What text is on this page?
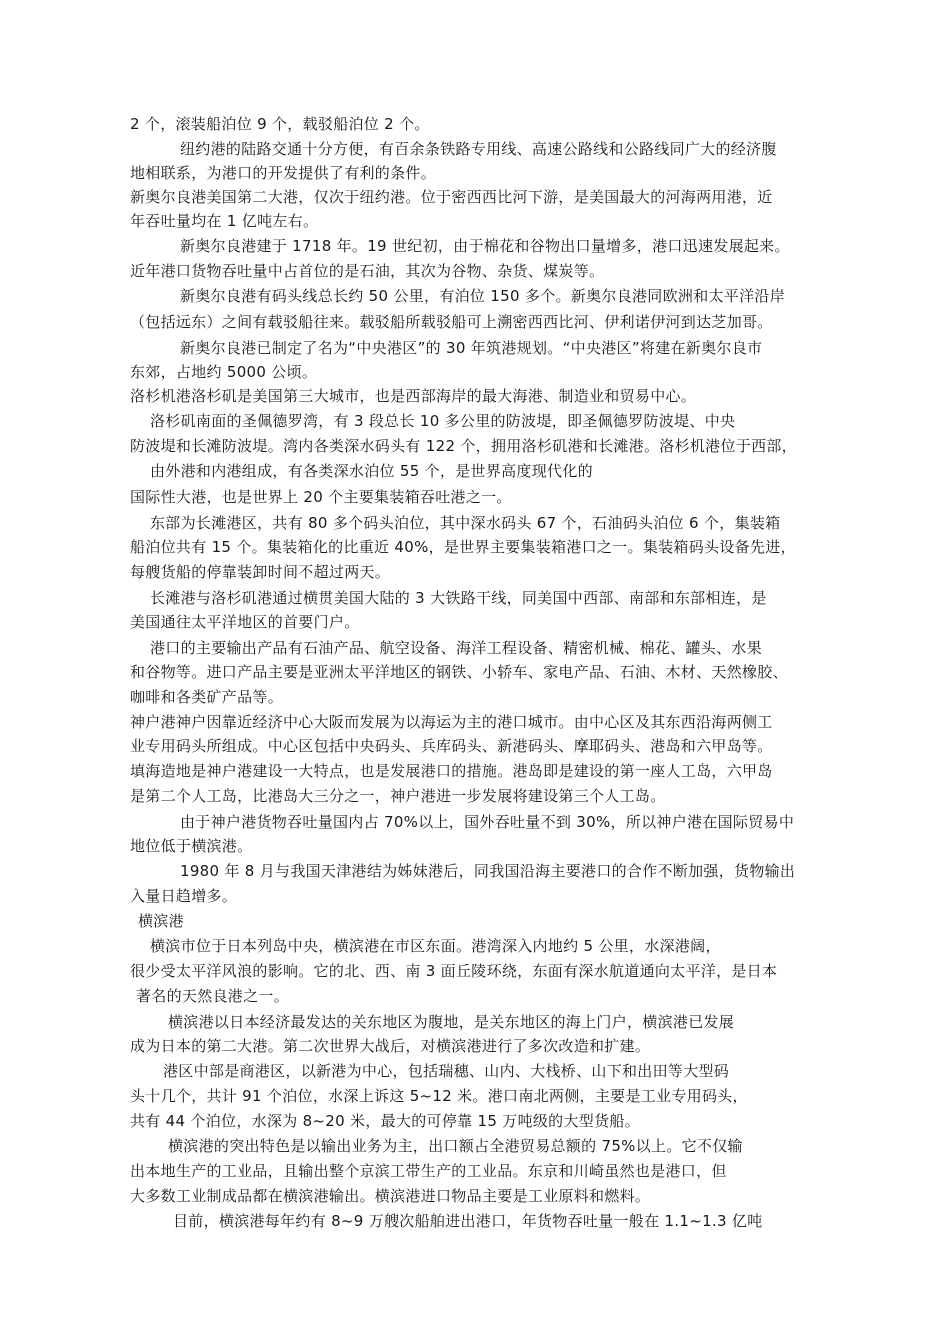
2 个，滚装船泊位 9 个，载驳船泊位 2 个。
纽约港的陆路交通十分方便，有百余条铁路专用线、高速公路线和公路线同广大的经济腹
地相联系，为港口的开发提供了有利的条件。
新奥尔良港美国第二大港，仅次于纽约港。位于密西西比河下游，是美国最大的河海两用港，近
年吞吐量均在 1 亿吨左右。
新奥尔良港建于 1718 年。19 世纪初，由于棉花和谷物出口量增多，港口迅速发展起来。
近年港口货物吞吐量中占首位的是石油，其次为谷物、杂货、煤炭等。
新奥尔良港有码头线总长约 50 公里，有泊位 150 多个。新奥尔良港同欧洲和太平洋沿岸
（包括远东）之间有载驳船往来。载驳船所载驳船可上溯密西西比河、伊利诺伊河到达芝加哥。
新奥尔良港已制定了名为“中央港区”的 30 年筑港规划。“中央港区”将建在新奥尔良市
东郊，占地约 5000 公顷。
洛杉机港洛杉矶是美国第三大城市，也是西部海岸的最大海港、制造业和贸易中心。
洛杉矶南面的圣佩德罗湾，有 3 段总长 10 多公里的防波堤，即圣佩德罗防波堤、中央
防波堤和长滩防波堤。湾内各类深水码头有 122 个，拥用洛杉矶港和长滩港。洛杉机港位于西部，
由外港和内港组成，有各类深水泊位 55 个，是世界高度现代化的
国际性大港，也是世界上 20 个主要集装箱吞吐港之一。
东部为长滩港区，共有 80 多个码头泊位，其中深水码头 67 个，石油码头泊位 6 个，集装箱
船泊位共有 15 个。集装箱化的比重近 40%，是世界主要集装箱港口之一。集装箱码头设备先进，
每艘货船的停靠装卸时间不超过两天。
长滩港与洛杉矶港通过横贯美国大陆的 3 大铁路干线，同美国中西部、南部和东部相连，是
美国通往太平洋地区的首要门户。
港口的主要输出产品有石油产品、航空设备、海洋工程设备、精密机械、棉花、罐头、水果
和谷物等。进口产品主要是亚洲太平洋地区的钢铁、小轿车、家电产品、石油、木材、天然橡胶、
咖啡和各类矿产品等。
神户港神户因靠近经济中心大阪而发展为以海运为主的港口城市。由中心区及其东西沿海两侧工
业专用码头所组成。中心区包括中央码头、兵库码头、新港码头、摩耶码头、港岛和六甲岛等。
填海造地是神户港建设一大特点，也是发展港口的措施。港岛即是建设的第一座人工岛，六甲岛
是第二个人工岛，比港岛大三分之一，神户港进一步发展将建设第三个人工岛。
由于神户港货物吞吐量国内占 70%以上，国外吞吐量不到 30%，所以神户港在国际贸易中
地位低于横滨港。
1980 年 8 月与我国天津港结为姊妹港后，同我国沿海主要港口的合作不断加强，货物输出
入量日趋增多。
横滨港
横滨市位于日本列岛中央，横滨港在市区东面。港湾深入内地约 5 公里，水深港阔，
很少受太平洋风浪的影响。它的北、西、南 3 面丘陵环绕，东面有深水航道通向太平洋，是日本
著名的天然良港之一。
横滨港以日本经济最发达的关东地区为腹地，是关东地区的海上门户，横滨港已发展
成为日本的第二大港。第二次世界大战后，对横滨港进行了多次改造和扩建。
港区中部是商港区，以新港为中心，包括瑞穗、山内、大栈桥、山下和出田等大型码
头十几个，共计 91 个泊位，水深上诉这 5~12 米。港口南北两侧，主要是工业专用码头，
共有 44 个泊位，水深为 8~20 米，最大的可停靠 15 万吨级的大型货船。
横滨港的突出特色是以输出业务为主，出口额占全港贸易总额的 75%以上。它不仅输
出本地生产的工业品，且输出整个京滨工带生产的工业品。东京和川崎虽然也是港口，但
大多数工业制成品都在横滨港输出。横滨港进口物品主要是工业原料和燃料。
目前，横滨港每年约有 8~9 万艘次船舶进出港口，年货物吞吐量一般在 1.1~1.3 亿吨
